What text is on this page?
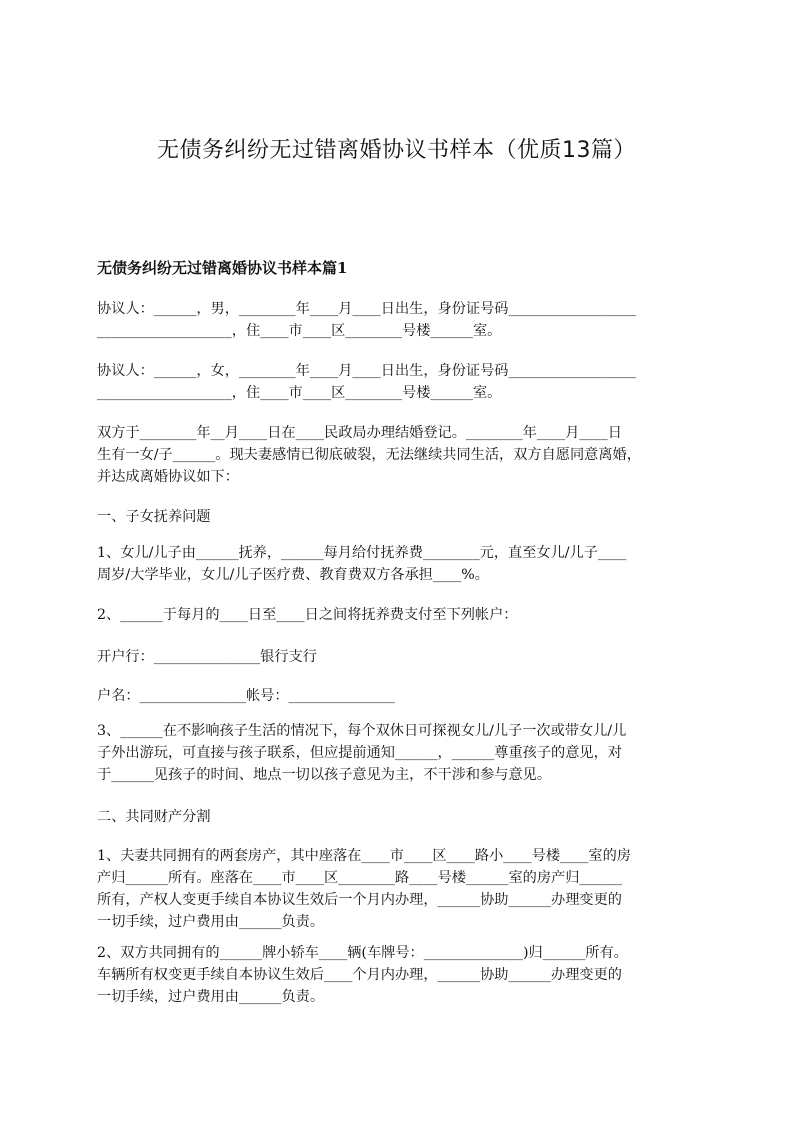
无债务纠纷无过错离婚协议书样本（优质13篇）
无债务纠纷无过错离婚协议书样本篇1
协议人：______，男，________年____月____日出生，身份证号码__________________
___________________，住____市____区________号楼______室。
协议人：______，女，________年____月____日出生，身份证号码__________________
___________________，住____市____区________号楼______室。
双方于________年__月____日在____民政局办理结婚登记。________年____月____日
生有一女/子______。现夫妻感情已彻底破裂，无法继续共同生活，双方自愿同意离婚，
并达成离婚协议如下：
一、子女抚养问题
1、女儿/儿子由______抚养，______每月给付抚养费________元，直至女儿/儿子____
周岁/大学毕业，女儿/儿子医疗费、教育费双方各承担____%。
2、______于每月的____日至____日之间将抚养费支付至下列帐户：
开户行：_______________银行支行
户名：_______________帐号：_______________
3、______在不影响孩子生活的情况下，每个双休日可探视女儿/儿子一次或带女儿/儿
子外出游玩，可直接与孩子联系，但应提前通知______，______尊重孩子的意见，对
于______见孩子的时间、地点一切以孩子意见为主，不干涉和参与意见。
二、共同财产分割
1、夫妻共同拥有的两套房产，其中座落在____市____区____路小____号楼____室的房
产归______所有。座落在____市____区________路____号楼______室的房产归______
所有，产权人变更手续自本协议生效后一个月内办理，______协助______办理变更的
一切手续，过户费用由______负责。
2、双方共同拥有的______牌小轿车____辆(车牌号：______________)归______所有。
车辆所有权变更手续自本协议生效后____个月内办理，______协助______办理变更的
一切手续，过户费用由______负责。
